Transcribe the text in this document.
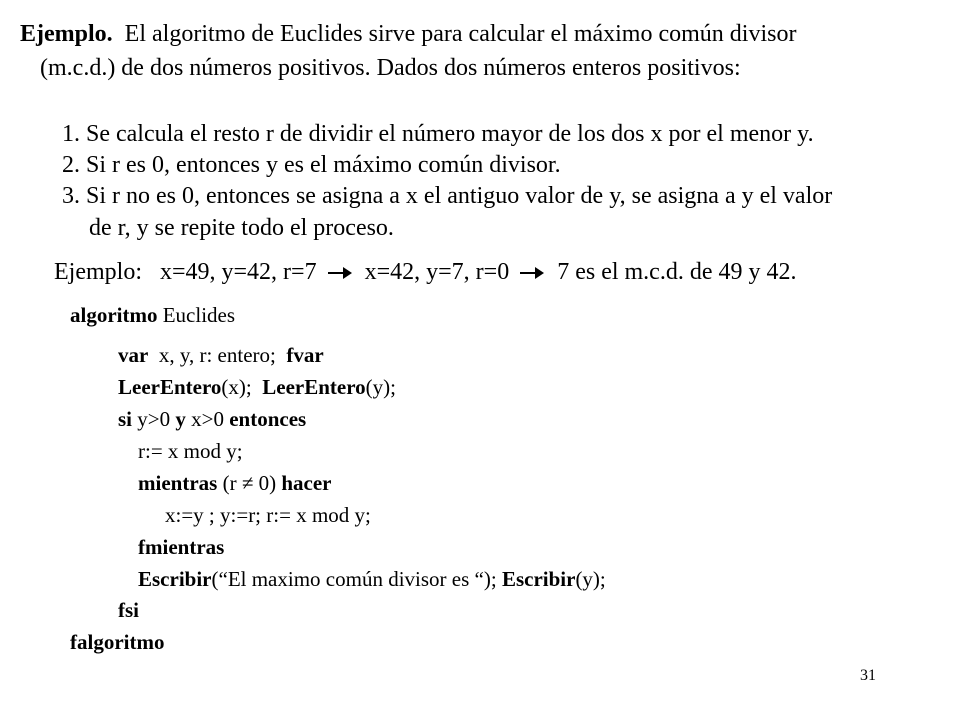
Ejemplo. El algoritmo de Euclides sirve para calcular el máximo común divisor
(m.c.d.) de dos números positivos. Dados dos números enteros positivos:
1. Se calcula el resto r de dividir el número mayor de los dos x por el menor y.
2. Si r es 0, entonces y es el máximo común divisor.
3. Si r no es 0, entonces se asigna a x el antiguo valor de y, se asigna a y el valor
de r, y se repite todo el proceso.
Ejemplo: x=49, y=42, r=7 x=42, y=7, r=0 7 es el m.c.d. de 49 y 42.
algoritmo Euclides
var x, y, r: entero; fvar
LeerEntero(x); LeerEntero(y);
si y>0 y x>0 entonces
r:= x mod y;
mientras (r ≠ 0) hacer
x:=y ; y:=r; r:= x mod y;
fmientras
Escribir(“El maximo común divisor es “); Escribir(y);
fsi
falgoritmo
31
